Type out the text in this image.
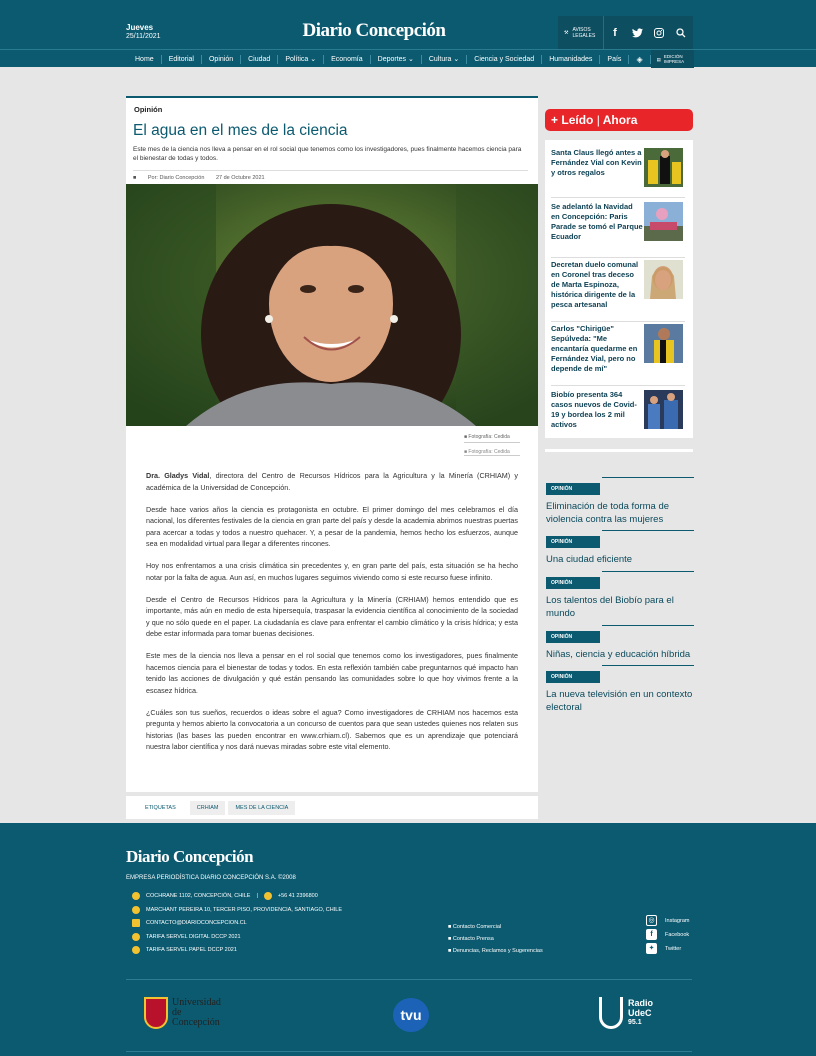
Jueves
25/11/2021	Diario Concepción	⚒ AVISOS LEGALES	f
Home	Editorial	Opinión	Ciudad	Política ⌄	Economía	Deportes ⌄	Cultura ⌄	Ciencia y Sociedad	Humanidades	País	◈	▤ EDICIÓN IMPRESA
Opinión
El agua en el mes de la ciencia
Este mes de la ciencia nos lleva a pensar en el rol social que tenemos como los investigadores, pues finalmente hacemos ciencia para el bienestar de todas y todos.
■ Por: Diario Concepción 27 de Octubre 2021
■ Fotografía: Cedida
■ Fotografía: Cedida

Dra. Gladys Vidal, directora del Centro de Recursos Hídricos para la Agricultura y la Minería (CRHIAM) y académica de la Universidad de Concepción.

Desde hace varios años la ciencia es protagonista en octubre. El primer domingo del mes celebramos el día nacional, los diferentes festivales de la ciencia en gran parte del país y desde la academia abrimos nuestras puertas para acercar a todas y todos a nuestro quehacer. Y, a pesar de la pandemia, hemos hecho los esfuerzos, aunque sea en modalidad virtual para llegar a diferentes rincones.

Hoy nos enfrentamos a una crisis climática sin precedentes y, en gran parte del país, esta situación se ha hecho notar por la falta de agua. Aun así, en muchos lugares seguimos viviendo como si este recurso fuese infinito.

Desde el Centro de Recursos Hídricos para la Agricultura y la Minería (CRHIAM) hemos entendido que es importante, más aún en medio de esta hipersequía, traspasar la evidencia científica al conocimiento de la sociedad y que no sólo quede en el paper. La ciudadanía es clave para enfrentar el cambio climático y la crisis hídrica; y esta debe estar informada para tomar buenas decisiones.

Este mes de la ciencia nos lleva a pensar en el rol social que tenemos como los investigadores, pues finalmente hacemos ciencia para el bienestar de todas y todos. En esta reflexión también cabe preguntarnos qué impacto han tenido las acciones de divulgación y qué están pensando las comunidades sobre lo que hoy vivimos frente a la escasez hídrica.

¿Cuáles son tus sueños, recuerdos o ideas sobre el agua? Como investigadores de CRHIAM nos hacemos esta pregunta y hemos abierto la convocatoria a un concurso de cuentos para que sean ustedes quienes nos relaten sus historias (las bases las pueden encontrar en www.crhiam.cl). Sabemos que es un aprendizaje que potenciará nuestra labor científica y nos dará nuevas miradas sobre este vital elemento.

ETIQUETAS	CRHIAM	MES DE LA CIENCIA
+ Leído | Ahora
Santa Claus llegó antes a Fernández Vial con Kevin y otros regalos
Se adelantó la Navidad en Concepción: Paris Parade se tomó el Parque Ecuador
Decretan duelo comunal en Coronel tras deceso de Marta Espinoza, histórica dirigente de la pesca artesanal
Carlos "Chirigüe" Sepúlveda: "Me encantaría quedarme en Fernández Vial, pero no depende de mí"
Biobío presenta 364 casos nuevos de Covid-19 y bordea los 2 mil activos
OPINIÓN
Eliminación de toda forma de violencia contra las mujeres
OPINIÓN
Una ciudad eficiente
OPINIÓN
Los talentos del Biobío para el mundo
OPINIÓN
Niñas, ciencia y educación híbrida
OPINIÓN
La nueva televisión en un contexto electoral
Diario Concepción
EMPRESA PERIODÍSTICA DIARIO CONCEPCIÓN S.A. ©2008
COCHRANE 1102, CONCEPCIÓN, CHILE |	+56 41 2396800
MARCHANT PEREIRA 10, TERCER PISO, PROVIDENCIA, SANTIAGO, CHILE
CONTACTO@DIARIOCONCEPCION.CL
TARIFA SERVEL DIGITAL DCCP 2021
TARIFA SERVEL PAPEL DCCP 2021
■ Contacto Comercial
■ Contacto Prensa
■ Denuncias, Reclamos y Sugerencias
◎	Instagram
f	Facebook
✦	Twitter
Universidad de Concepción	tvu
Radio
UdeC
95.1
